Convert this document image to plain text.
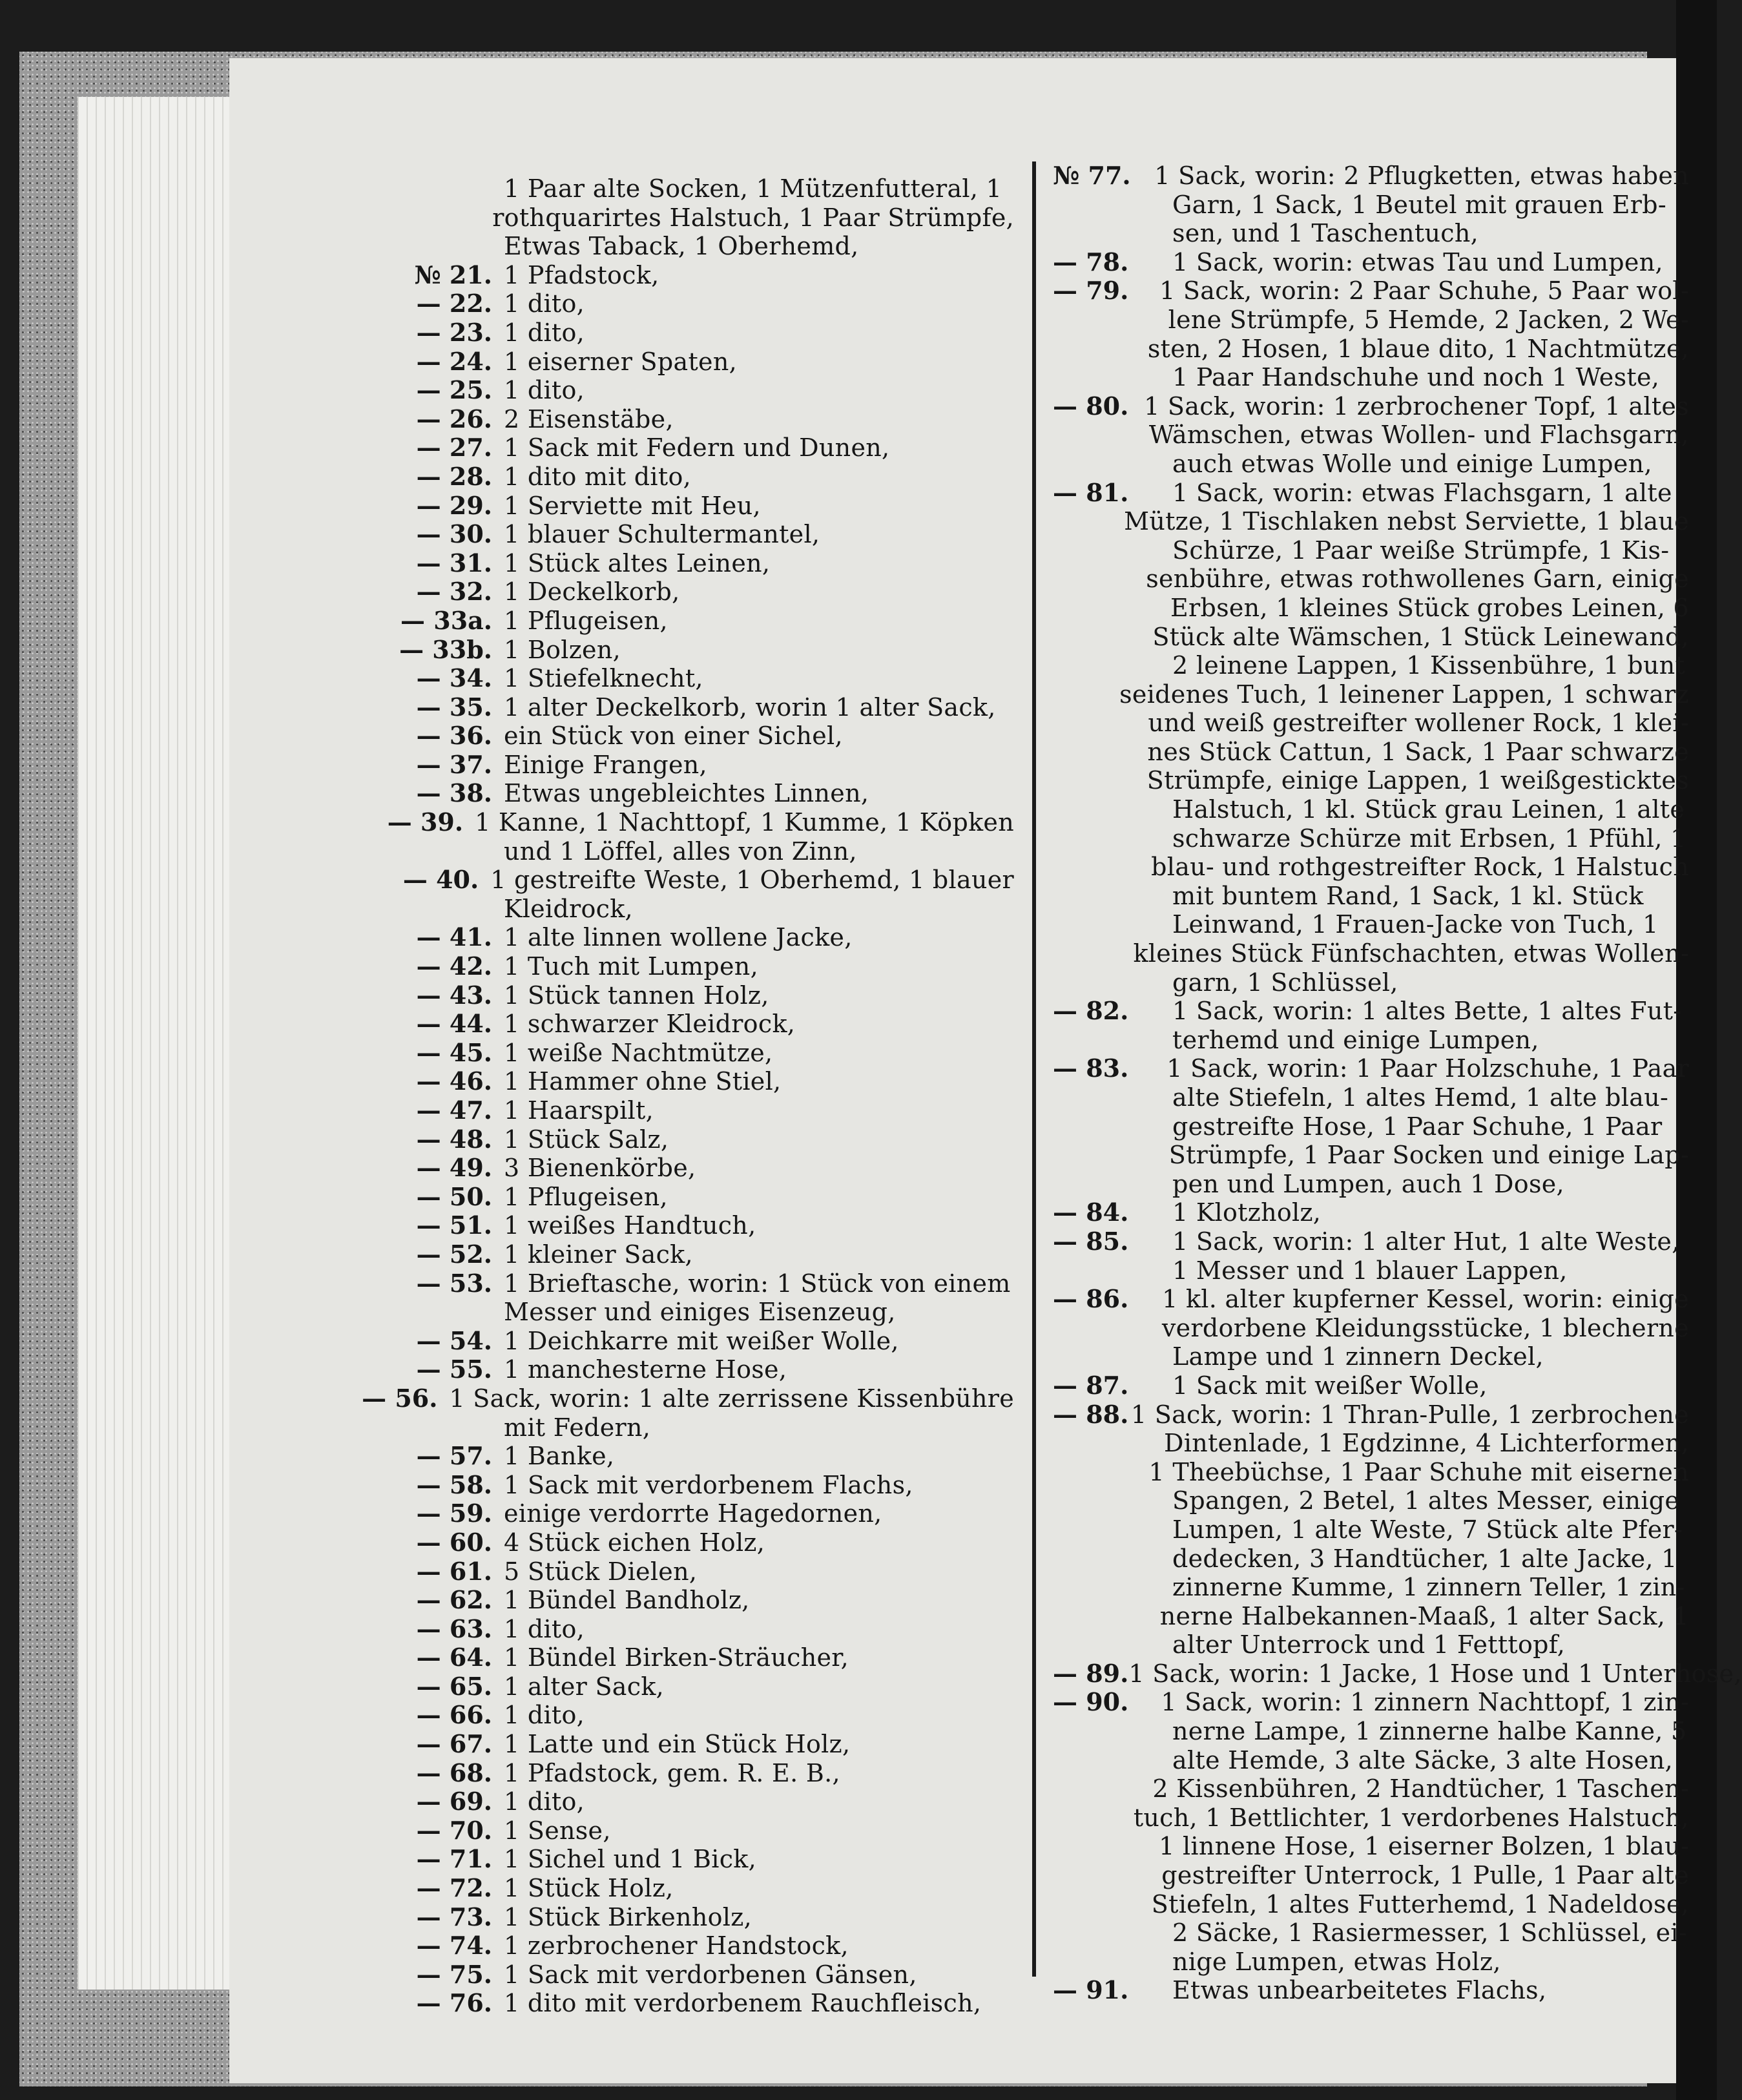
1 Paar alte Socken, 1 Mützenfutteral, 1
rothquarirtes Halstuch, 1 Paar Strümpfe,
Etwas Taback, 1 Oberhemd,
№ 21. 1 Pfadstock,
— 22. 1 dito,
— 23. 1 dito,
— 24. 1 eiserner Spaten,
— 25. 1 dito,
— 26. 2 Eisenstäbe,
— 27. 1 Sack mit Federn und Dunen,
— 28. 1 dito mit dito,
— 29. 1 Serviette mit Heu,
— 30. 1 blauer Schultermantel,
— 31. 1 Stück altes Leinen,
— 32. 1 Deckelkorb,
— 33a. 1 Pflugeisen,
— 33b. 1 Bolzen,
— 34. 1 Stiefelknecht,
— 35. 1 alter Deckelkorb, worin 1 alter Sack,
— 36. ein Stück von einer Sichel,
— 37. Einige Frangen,
— 38. Etwas ungebleichtes Linnen,
— 39. 1 Kanne, 1 Nachttopf, 1 Kumme, 1 Köpken
und 1 Löffel, alles von Zinn,
— 40. 1 gestreifte Weste, 1 Oberhemd, 1 blauer
Kleidrock,
— 41. 1 alte linnen wollene Jacke,
— 42. 1 Tuch mit Lumpen,
— 43. 1 Stück tannen Holz,
— 44. 1 schwarzer Kleidrock,
— 45. 1 weiße Nachtmütze,
— 46. 1 Hammer ohne Stiel,
— 47. 1 Haarspilt,
— 48. 1 Stück Salz,
— 49. 3 Bienenkörbe,
— 50. 1 Pflugeisen,
— 51. 1 weißes Handtuch,
— 52. 1 kleiner Sack,
— 53. 1 Brieftasche, worin: 1 Stück von einem
Messer und einiges Eisenzeug,
— 54. 1 Deichkarre mit weißer Wolle,
— 55. 1 manchesterne Hose,
— 56. 1 Sack, worin: 1 alte zerrissene Kissenbühre
mit Federn,
— 57. 1 Banke,
— 58. 1 Sack mit verdorbenem Flachs,
— 59. einige verdorrte Hagedornen,
— 60. 4 Stück eichen Holz,
— 61. 5 Stück Dielen,
— 62. 1 Bündel Bandholz,
— 63. 1 dito,
— 64. 1 Bündel Birken-Sträucher,
— 65. 1 alter Sack,
— 66. 1 dito,
— 67. 1 Latte und ein Stück Holz,
— 68. 1 Pfadstock, gem. R. E. B.,
— 69. 1 dito,
— 70. 1 Sense,
— 71. 1 Sichel und 1 Bick,
— 72. 1 Stück Holz,
— 73. 1 Stück Birkenholz,
— 74. 1 zerbrochener Handstock,
— 75. 1 Sack mit verdorbenen Gänsen,
— 76. 1 dito mit verdorbenem Rauchfleisch,
№ 77. 1 Sack, worin: 2 Pflugketten, etwas haben
Garn, 1 Sack, 1 Beutel mit grauen Erb-
sen, und 1 Taschentuch,
— 78.	1 Sack, worin: etwas Tau und Lumpen,
— 79.	1 Sack, worin: 2 Paar Schuhe, 5 Paar wol-
lene Strümpfe, 5 Hemde, 2 Jacken, 2 We-
sten, 2 Hosen, 1 blaue dito, 1 Nachtmütze,
1 Paar Handschuhe und noch 1 Weste,
— 80. 1 Sack, worin: 1 zerbrochener Topf, 1 altes
Wämschen, etwas Wollen- und Flachsgarn,
auch etwas Wolle und einige Lumpen,
— 81.	1 Sack, worin: etwas Flachsgarn, 1 alte
Mütze, 1 Tischlaken nebst Serviette, 1 blaue
Schürze, 1 Paar weiße Strümpfe, 1 Kis-
senbühre, etwas rothwollenes Garn, einige
Erbsen, 1 kleines Stück grobes Leinen, 6
Stück alte Wämschen, 1 Stück Leinewand,
2 leinene Lappen, 1 Kissenbühre, 1 bunt
seidenes Tuch, 1 leinener Lappen, 1 schwarz
und weiß gestreifter wollener Rock, 1 klei-
nes Stück Cattun, 1 Sack, 1 Paar schwarze
Strümpfe, einige Lappen, 1 weißgesticktes
Halstuch, 1 kl. Stück grau Leinen, 1 alte
schwarze Schürze mit Erbsen, 1 Pfühl, 1
blau- und rothgestreifter Rock, 1 Halstuch
mit buntem Rand, 1 Sack, 1 kl. Stück
Leinwand, 1 Frauen-Jacke von Tuch, 1
kleines Stück Fünfschachten, etwas Wollen-
garn, 1 Schlüssel,
— 82.	1 Sack, worin: 1 altes Bette, 1 altes Fut-
terhemd und einige Lumpen,
— 83.	1 Sack, worin: 1 Paar Holzschuhe, 1 Paar
alte Stiefeln, 1 altes Hemd, 1 alte blau-
gestreifte Hose, 1 Paar Schuhe, 1 Paar
Strümpfe, 1 Paar Socken und einige Lap-
pen und Lumpen, auch 1 Dose,
— 84.	1 Klotzholz,
— 85.	1 Sack, worin: 1 alter Hut, 1 alte Weste,
1 Messer und 1 blauer Lappen,
— 86.	1 kl. alter kupferner Kessel, worin: einige
verdorbene Kleidungsstücke, 1 blecherne
Lampe und 1 zinnern Deckel,
— 87.	1 Sack mit weißer Wolle,
— 88. 1 Sack, worin: 1 Thran-Pulle, 1 zerbrochene
Dintenlade, 1 Egdzinne, 4 Lichterformen,
1 Theebüchse, 1 Paar Schuhe mit eisernen
Spangen, 2 Betel, 1 altes Messer, einige
Lumpen, 1 alte Weste, 7 Stück alte Pfer-
dedecken, 3 Handtücher, 1 alte Jacke, 1
zinnerne Kumme, 1 zinnern Teller, 1 zin-
nerne Halbekannen-Maaß, 1 alter Sack, 1
alter Unterrock und 1 Fetttopf,
— 89. 1 Sack, worin: 1 Jacke, 1 Hose und 1 Unterhose,
— 90.	1 Sack, worin: 1 zinnern Nachttopf, 1 zin-
nerne Lampe, 1 zinnerne halbe Kanne, 5
alte Hemde, 3 alte Säcke, 3 alte Hosen,
2 Kissenbühren, 2 Handtücher, 1 Taschen-
tuch, 1 Bettlichter, 1 verdorbenes Halstuch,
1 linnene Hose, 1 eiserner Bolzen, 1 blau-
gestreifter Unterrock, 1 Pulle, 1 Paar alte
Stiefeln, 1 altes Futterhemd, 1 Nadeldose,
2 Säcke, 1 Rasiermesser, 1 Schlüssel, ei-
nige Lumpen, etwas Holz,
— 91.	Etwas unbearbeitetes Flachs,
